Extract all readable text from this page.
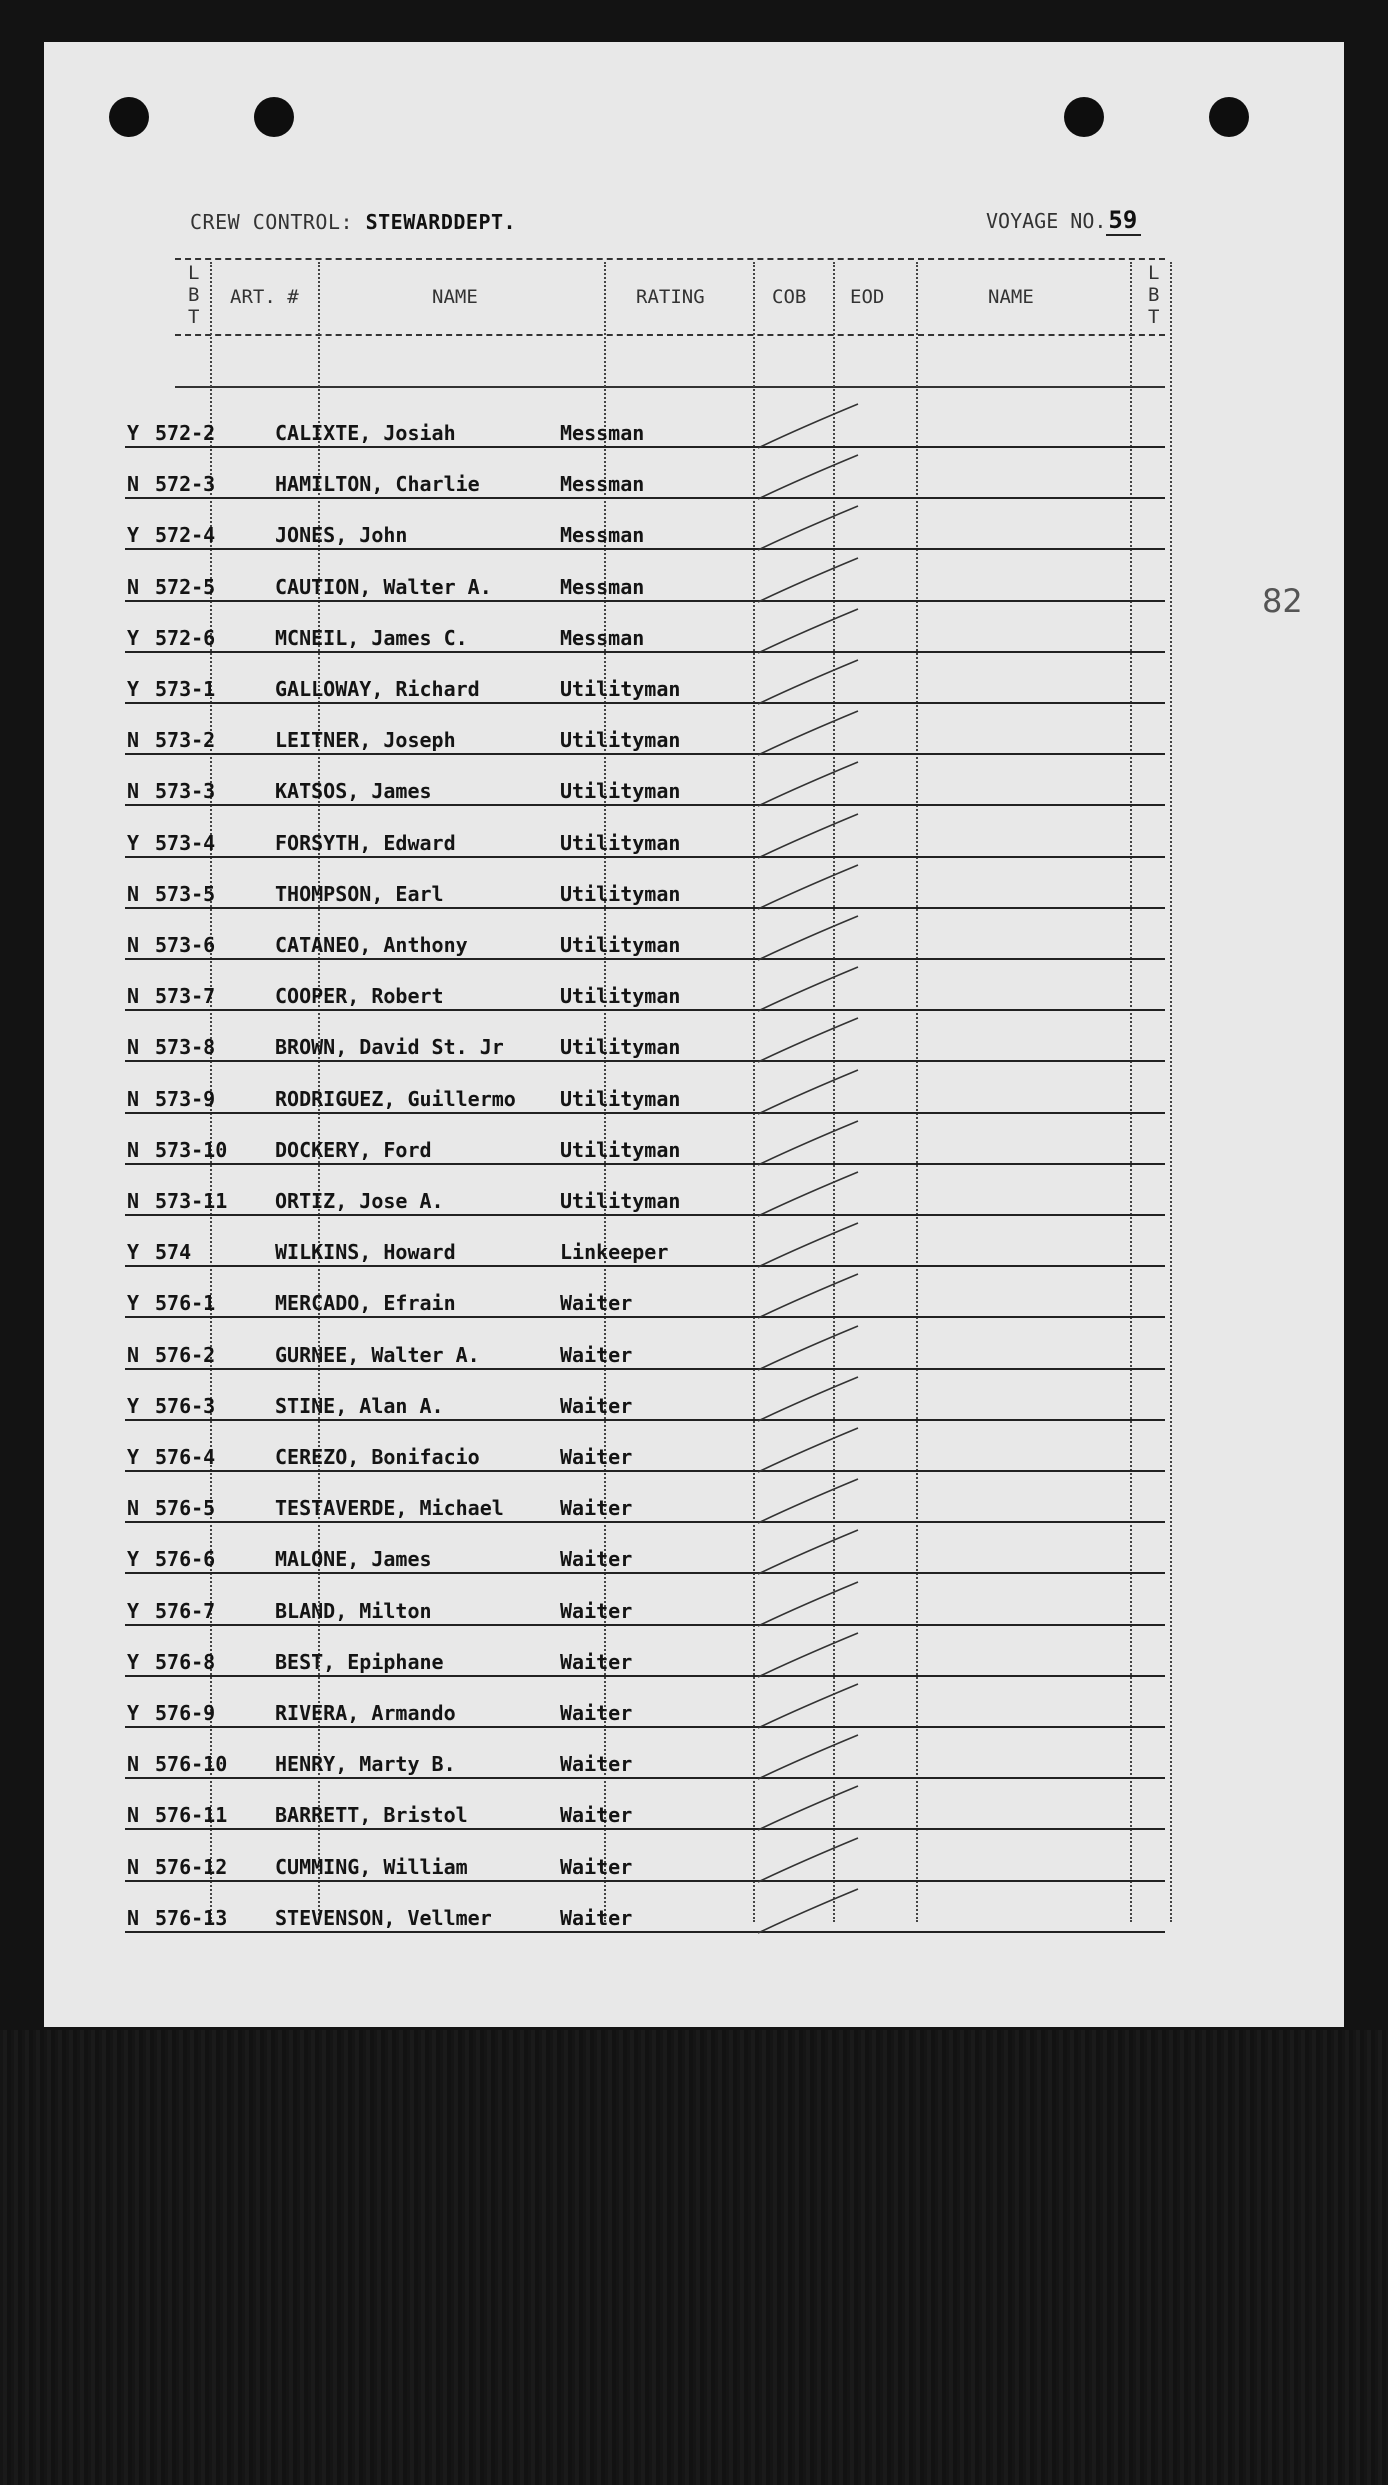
CREW CONTROL: STEWARDDEPT.	VOYAGE NO.59
82
L
B
T
ART. #	NAME	RATING	COB EOD	NAME
L
B
T
Y 572-2	CALIXTE, Josiah	Messman
N 572-3	HAMILTON, Charlie	Messman
Y 572-4	JONES, John	Messman
N 572-5	CAUTION, Walter A.	Messman
Y 572-6	MCNEIL, James C.	Messman
Y 573-1	GALLOWAY, Richard	Utilityman
N 573-2	LEITNER, Joseph	Utilityman
N 573-3	KATSOS, James	Utilityman
Y 573-4	FORSYTH, Edward	Utilityman
N 573-5	THOMPSON, Earl	Utilityman
N 573-6	CATANEO, Anthony	Utilityman
N 573-7	COOPER, Robert	Utilityman
N 573-8	BROWN, David St. Jr	Utilityman
N 573-9	RODRIGUEZ, Guillermo	Utilityman
N 573-10	DOCKERY, Ford	Utilityman
N 573-11	ORTIZ, Jose A.	Utilityman
Y 574	WILKINS, Howard	Linkeeper
Y 576-1	MERCADO, Efrain	Waiter
N 576-2	GURNEE, Walter A.	Waiter
Y 576-3	STINE, Alan A.	Waiter
Y 576-4	CEREZO, Bonifacio	Waiter
N 576-5	TESTAVERDE, Michael	Waiter
Y 576-6	MALONE, James	Waiter
Y 576-7	BLAND, Milton	Waiter
Y 576-8	BEST, Epiphane	Waiter
Y 576-9	RIVERA, Armando	Waiter
N 576-10	HENRY, Marty B.	Waiter
N 576-11	BARRETT, Bristol	Waiter
N 576-12	CUMMING, William	Waiter
N 576-13	STEVENSON, Vellmer	Waiter
